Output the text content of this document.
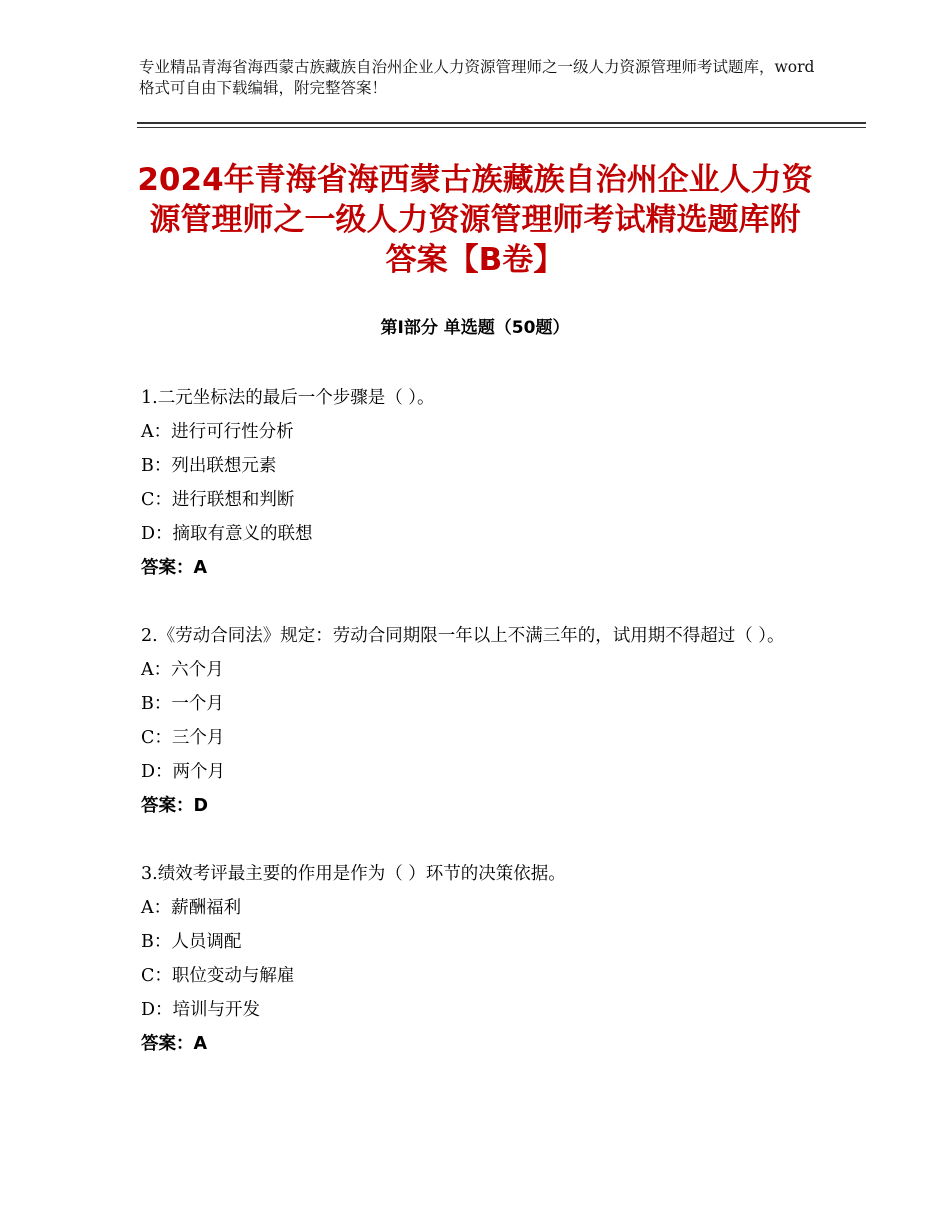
专业精品青海省海西蒙古族藏族自治州企业人力资源管理师之一级人力资源管理师考试题库，word格式可自由下载编辑，附完整答案！
2024年青海省海西蒙古族藏族自治州企业人力资源管理师之一级人力资源管理师考试精选题库附答案【B卷】
第Ⅰ部分 单选题（50题）
1.二元坐标法的最后一个步骤是（ ）。
A：进行可行性分析
B：列出联想元素
C：进行联想和判断
D：摘取有意义的联想
答案：A
2.《劳动合同法》规定：劳动合同期限一年以上不满三年的，试用期不得超过（ ）。
A：六个月
B：一个月
C：三个月
D：两个月
答案：D
3.绩效考评最主要的作用是作为（ ）环节的决策依据。
A：薪酬福利
B：人员调配
C：职位变动与解雇
D：培训与开发
答案：A
